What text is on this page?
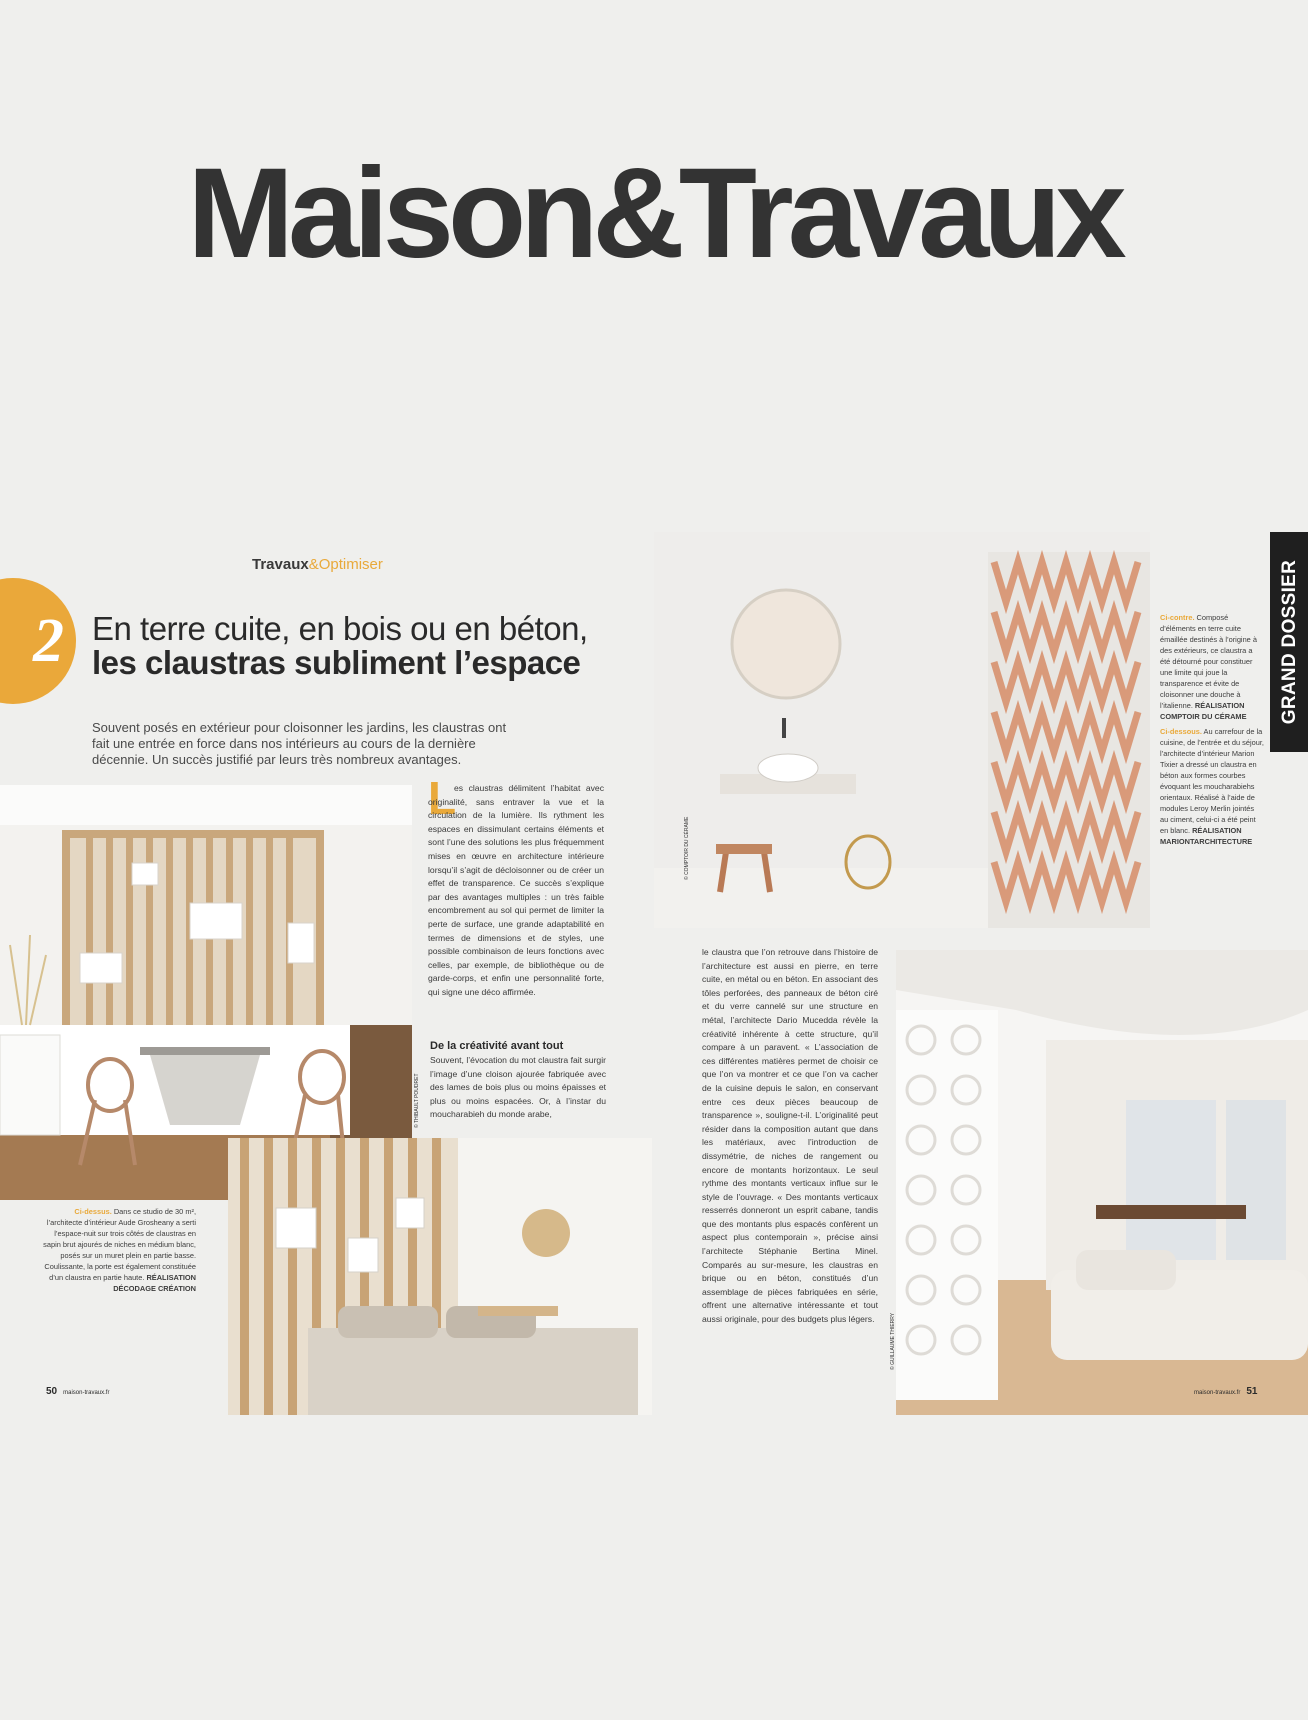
Maison&Travaux
Travaux&Optimiser
2 En terre cuite, en bois ou en béton, les claustras subliment l’espace
Souvent posés en extérieur pour cloisonner les jardins, les claustras ont fait une entrée en force dans nos intérieurs au cours de la dernière décennie. Un succès justifié par leurs très nombreux avantages.
© THIBAULT POUDRET
L

es claustras délimitent l’habitat avec originalité, sans entraver la vue et la circulation de la lumière. Ils rythment les espaces en dissimulant certains éléments et sont l’une des solutions les plus fréquemment mises en œuvre en architecture intérieure lorsqu’il s’agit de décloisonner ou de créer un effet de transparence. Ce succès s’explique par des avantages multiples : un très faible encombrement au sol qui permet de limiter la perte de surface, une grande adaptabilité en termes de dimensions et de styles, une possible combinaison de leurs fonctions avec celles, par exemple, de bibliothèque ou de garde-corps, et enfin une personnalité forte, qui signe une déco affirmée.

De la créativité avant tout
Souvent, l’évocation du mot claustra fait surgir l’image d’une cloison ajourée fabriquée avec des lames de bois plus ou moins épaisses et plus ou moins espacées. Or, à l’instar du moucharabieh du monde arabe,
Ci-dessus. Dans ce studio de 30 m², l’architecte d’intérieur Aude Grosheany a serti l’espace-nuit sur trois côtés de claustras en sapin brut ajourés de niches en médium blanc, posés sur un muret plein en partie basse. Coulissante, la porte est également constituée d’un claustra en partie haute. RÉALISATION DÉCODAGE CRÉATION
50 maison-travaux.fr
© COMPTOIR DU CÉRAME
GRAND DOSSIER
Ci-contre. Composé d’éléments en terre cuite émaillée destinés à l’origine à des extérieurs, ce claustra a été détourné pour constituer une limite qui joue la transparence et évite de cloisonner une douche à l’italienne. RÉALISATION COMPTOIR DU CÉRAME
Ci-dessous. Au carrefour de la cuisine, de l’entrée et du séjour, l’architecte d’intérieur Marion Tixier a dressé un claustra en béton aux formes courbes évoquant les moucharabiehs orientaux. Réalisé à l’aide de modules Leroy Merlin jointés au ciment, celui-ci a été peint en blanc. RÉALISATION MARIONTARCHITECTURE
le claustra que l’on retrouve dans l’histoire de l’architecture est aussi en pierre, en terre cuite, en métal ou en béton. En associant des tôles perforées, des panneaux de béton ciré et du verre cannelé sur une structure en métal, l’architecte Dario Mucedda révèle la créativité inhérente à cette structure, qu’il compare à un paravent. « L’association de ces différentes matières permet de choisir ce que l’on va montrer et ce que l’on va cacher de la cuisine depuis le salon, en conservant entre ces deux pièces beaucoup de transparence », souligne-t-il. L’originalité peut résider dans la composition autant que dans les matériaux, avec l’introduction de dissymétrie, de niches de rangement ou encore de montants horizontaux. Le seul rythme des montants verticaux influe sur le style de l’ouvrage. « Des montants verticaux resserrés donneront un esprit cabane, tandis que des montants plus espacés confèrent un aspect plus contemporain », précise ainsi l’architecte Stéphanie Bertina Minel. Comparés au sur-mesure, les claustras en brique ou en béton, constitués d’un assemblage de pièces fabriquées en série, offrent une alternative intéressante et tout aussi originale, pour des budgets plus légers.	© GUILLAUME THIERRY
maison-travaux.fr 51
